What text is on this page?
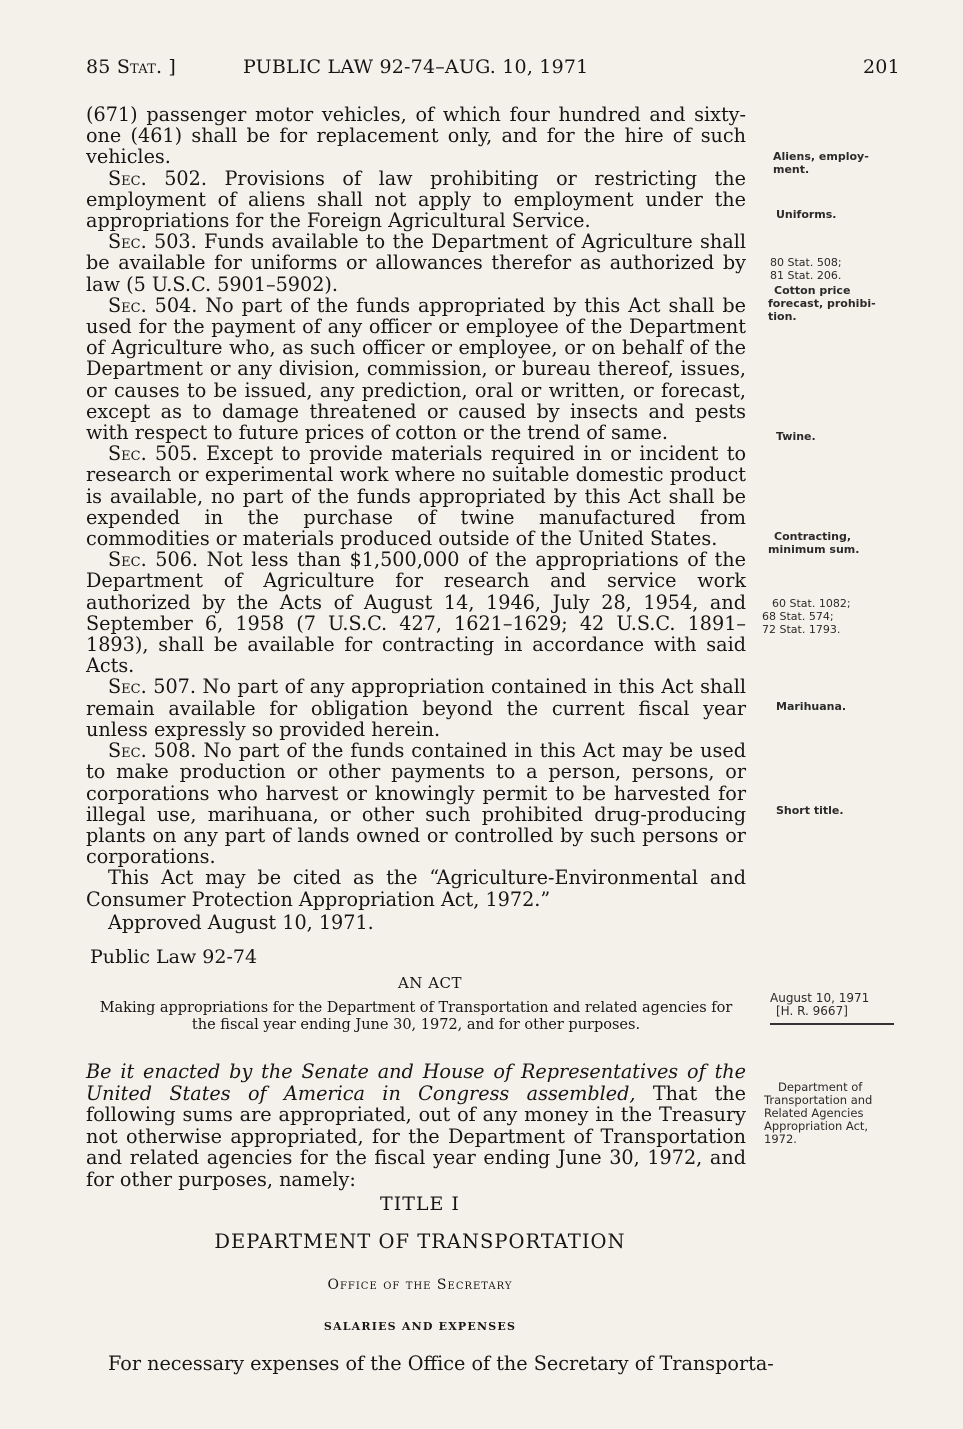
85 Stat. ]	PUBLIC LAW 92-74–AUG. 10, 1971	201

(671) passenger motor vehicles, of which four hundred and sixty-one (461) shall be for replacement only, and for the hire of such vehicles.

Sec. 502. Provisions of law prohibiting or restricting the employment of aliens shall not apply to employment under the appropriations for the Foreign Agricultural Service.

Sec. 503. Funds available to the Department of Agriculture shall be available for uniforms or allowances therefor as authorized by law (5 U.S.C. 5901–5902).

Sec. 504. No part of the funds appropriated by this Act shall be used for the payment of any officer or employee of the Department of Agriculture who, as such officer or employee, or on behalf of the Department or any division, commission, or bureau thereof, issues, or causes to be issued, any prediction, oral or written, or forecast, except as to damage threatened or caused by insects and pests with respect to future prices of cotton or the trend of same.

Sec. 505. Except to provide materials required in or incident to research or experimental work where no suitable domestic product is available, no part of the funds appropriated by this Act shall be expended in the purchase of twine manufactured from commodities or materials produced outside of the United States.

Sec. 506. Not less than $1,500,000 of the appropriations of the Department of Agriculture for research and service work authorized by the Acts of August 14, 1946, July 28, 1954, and September 6, 1958 (7 U.S.C. 427, 1621–1629; 42 U.S.C. 1891–1893), shall be available for contracting in accordance with said Acts.

Sec. 507. No part of any appropriation contained in this Act shall remain available for obligation beyond the current fiscal year unless expressly so provided herein.

Sec. 508. No part of the funds contained in this Act may be used to make production or other payments to a person, persons, or corporations who harvest or knowingly permit to be harvested for illegal use, marihuana, or other such prohibited drug-producing plants on any part of lands owned or controlled by such persons or corporations.

This Act may be cited as the “Agriculture-Environmental and Consumer Protection Appropriation Act, 1972.”

Approved August 10, 1971.

Aliens, employ-
ment.
Uniforms.
80 Stat. 508;
81 Stat. 206.
Cotton price
forecast, prohibi-
tion.
Twine.
Contracting,
minimum sum.
60 Stat. 1082;
68 Stat. 574;
72 Stat. 1793.
Marihuana.
Short title.
Public Law 92-74
AN ACT
Making appropriations for the Department of Transportation and related agencies for the fiscal year ending June 30, 1972, and for other purposes.
August 10, 1971
[H. R. 9667]
Be it enacted by the Senate and House of Representatives of the United States of America in Congress assembled, That the following sums are appropriated, out of any money in the Treasury not otherwise appropriated, for the Department of Transportation and related agencies for the fiscal year ending June 30, 1972, and for other purposes, namely:
Department of
Transportation and
Related Agencies
Appropriation Act,
1972.
TITLE I
DEPARTMENT OF TRANSPORTATION
Office of the Secretary
SALARIES AND EXPENSES
For necessary expenses of the Office of the Secretary of Transporta-
